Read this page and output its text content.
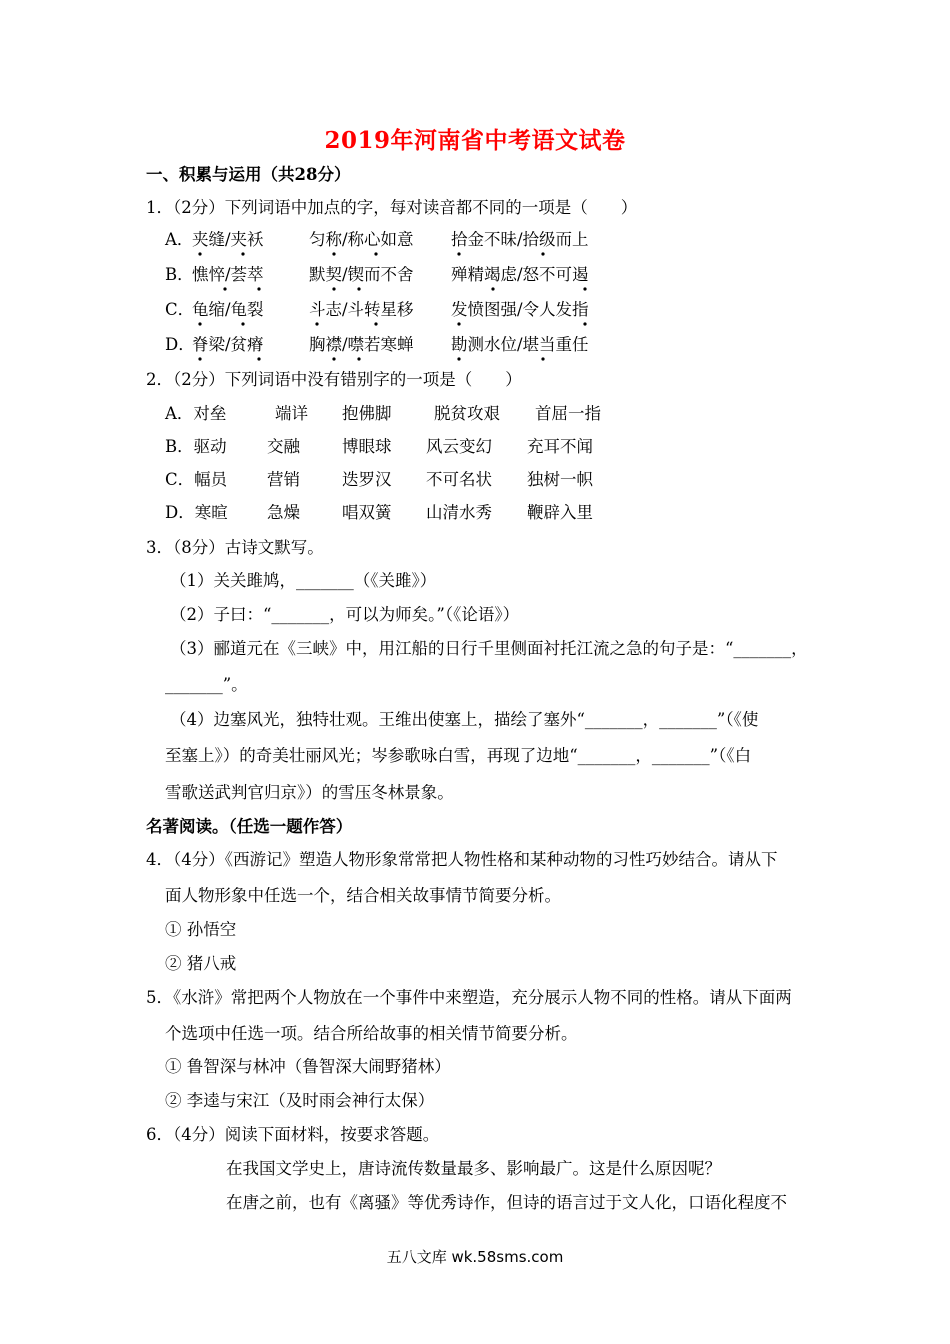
2019年河南省中考语文试卷
一、积累与运用（共28分）
1．（2分）下列词语中加点的字，每对读音都不同的一项是（　　）
A．
夹缝/夹袄	匀称/称心如意 拾金不昧/拾级而上
B．
憔悴/荟萃	默契/锲而不舍 殚精竭虑/怒不可遏
C．
龟缩/龟裂	斗志/斗转星移 发愤图强/令人发指
D．
脊梁/贫瘠	胸襟/噤若寒蝉 勘测水位/堪当重任
2．（2分）下列词语中没有错别字的一项是（　　）
A．对垒	端详 抱佛脚	脱贫攻艰 首屈一指
B．驱动 交融	博眼球 风云变幻 充耳不闻
C．幅员 营销	迭罗汉 不可名状 独树一帜
D．寒暄 急燥	唱双簧 山清水秀 鞭辟入里
3．（8分）古诗文默写。
（1）关关雎鸠，_______（《关雎》）
（2）子曰：“_______，可以为师矣。”（《论语》）
（3）郦道元在《三峡》中，用江船的日行千里侧面衬托江流之急的句子是：“_______，
_______”。
（4）边塞风光，独特壮观。王维出使塞上，描绘了塞外“_______，_______”（《使
至塞上》）的奇美壮丽风光；岑参歌咏白雪，再现了边地“_______，_______”（《白
雪歌送武判官归京》）的雪压冬林景象。
名著阅读。（任选一题作答）
4．（4分）《西游记》塑造人物形象常常把人物性格和某种动物的习性巧妙结合。请从下
面人物形象中任选一个，结合相关故事情节简要分析。
① 孙悟空
② 猪八戒
5．《水浒》常把两个人物放在一个事件中来塑造，充分展示人物不同的性格。请从下面两
个选项中任选一项。结合所给故事的相关情节简要分析。
① 鲁智深与林冲（鲁智深大闹野猪林）
② 李逵与宋江（及时雨会神行太保）
6．（4分）阅读下面材料，按要求答题。
在我国文学史上，唐诗流传数量最多、影响最广。这是什么原因呢？
在唐之前，也有《离骚》等优秀诗作，但诗的语言过于文人化，口语化程度不
五八文库 wk.58sms.com
